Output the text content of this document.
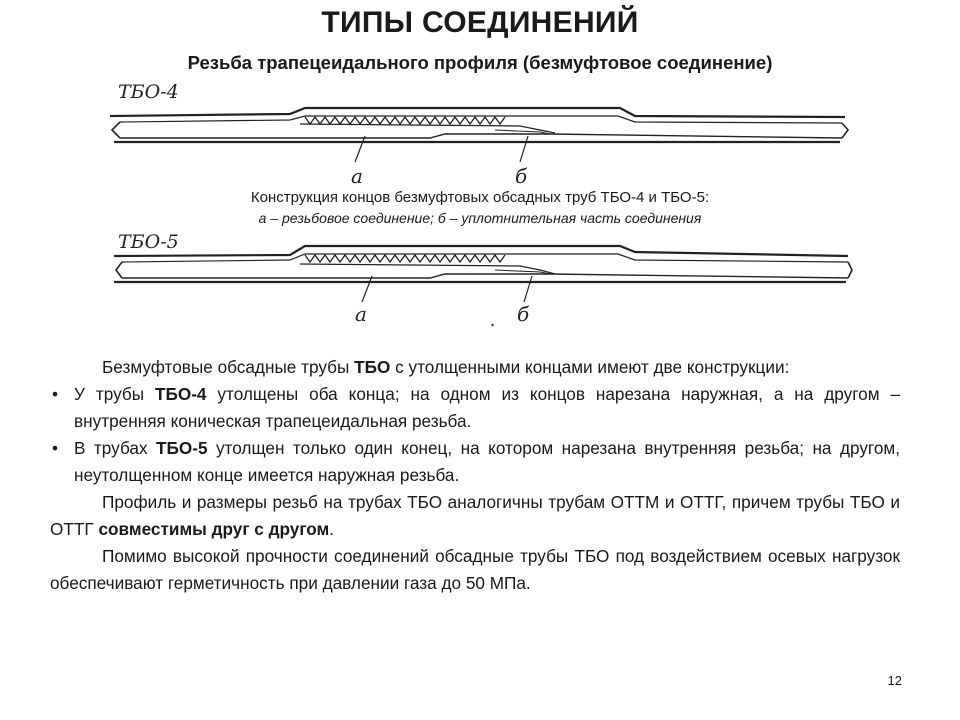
ТИПЫ СОЕДИНЕНИЙ
Резьба трапецеидального профиля (безмуфтовое соединение)
ТБО-4
ТБО-5
а	б
а	б
Конструкция концов безмуфтовых обсадных труб ТБО-4 и ТБО-5:
а – резьбовое соединение; б – уплотнительная часть соединения

Безмуфтовые обсадные трубы ТБО с утолщенными концами имеют две конструкции:

• У трубы ТБО-4 утолщены оба конца; на одном из концов нарезана наружная, а на другом – внутренняя коническая трапецеидальная резьба.
• В трубах ТБО-5 утолщен только один конец, на котором нарезана внутренняя резьба; на другом, неутолщенном конце имеется наружная резьба.

Профиль и размеры резьб на трубах ТБО аналогичны трубам ОТТМ и ОТТГ, причем трубы ТБО и ОТТГ совместимы друг с другом.

Помимо высокой прочности соединений обсадные трубы ТБО под воздействием осевых нагрузок обеспечивают герметичность при давлении газа до 50 МПа.

12
